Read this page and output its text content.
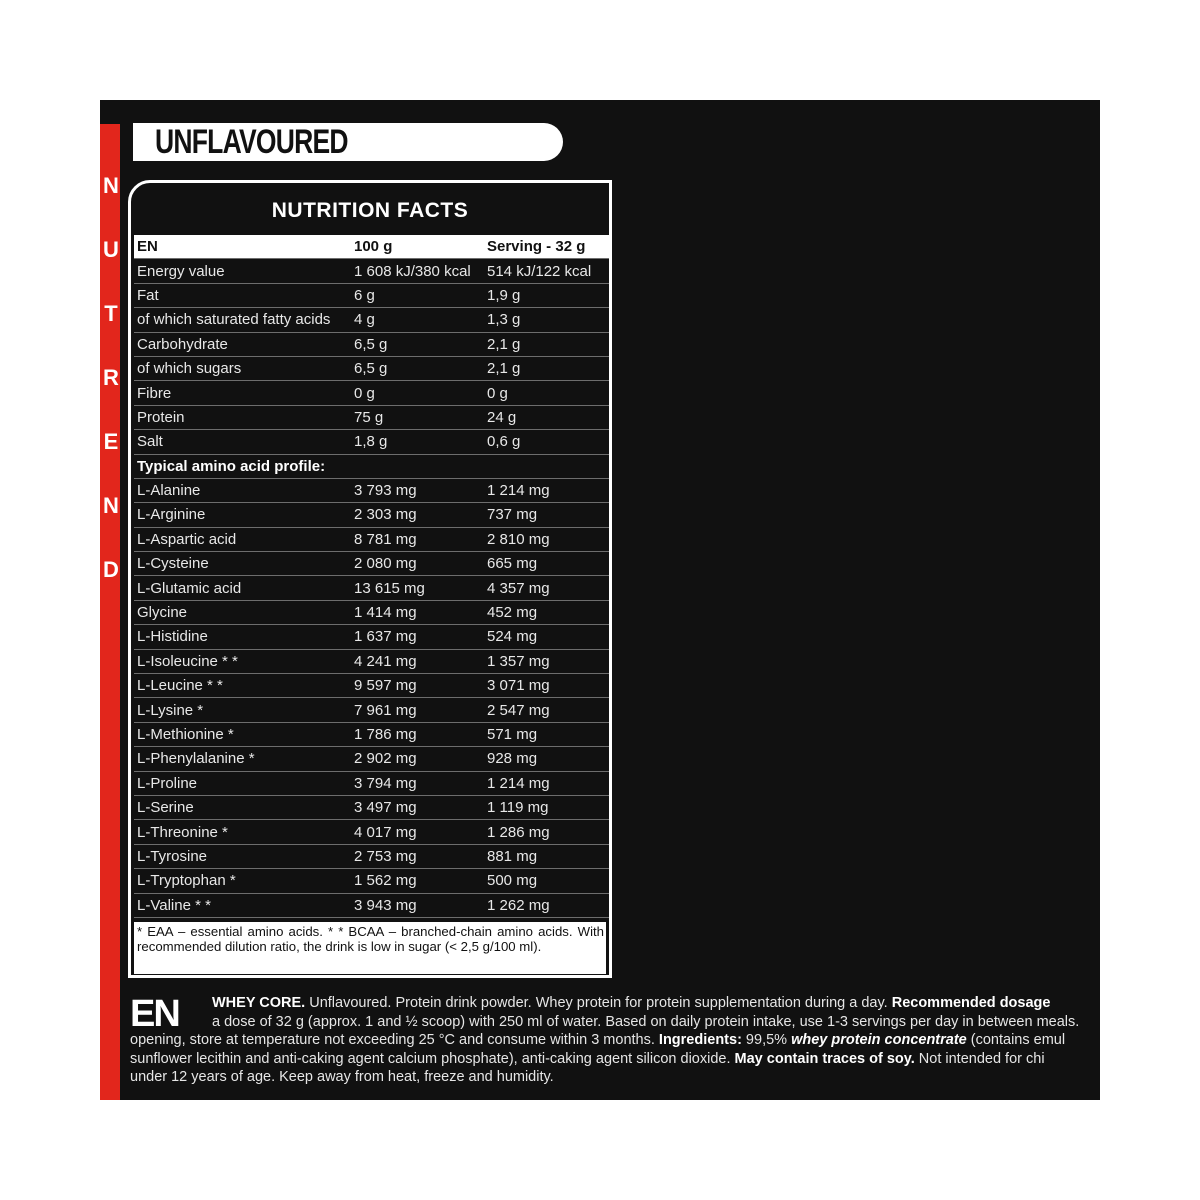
N
U
T
R
E
N
D
UNFLAVOURED
NUTRITION FACTS
EN	100 g	Serving - 32 g
Energy value	1 608 kJ/380 kcal	514 kJ/122 kcal
Fat	6 g	1,9 g
of which saturated fatty acids	4 g	1,3 g
Carbohydrate	6,5 g	2,1 g
of which sugars	6,5 g	2,1 g
Fibre	0 g	0 g
Protein	75 g	24 g
Salt	1,8 g	0,6 g
Typical amino acid profile:		
L-Alanine	3 793 mg	1 214 mg
L-Arginine	2 303 mg	737 mg
L-Aspartic acid	8 781 mg	2 810 mg
L-Cysteine	2 080 mg	665 mg
L-Glutamic acid	13 615 mg	4 357 mg
Glycine	1 414 mg	452 mg
L-Histidine	1 637 mg	524 mg
L-Isoleucine * *	4 241 mg	1 357 mg
L-Leucine * *	9 597 mg	3 071 mg
L-Lysine *	7 961 mg	2 547 mg
L-Methionine *	1 786 mg	571 mg
L-Phenylalanine *	2 902 mg	928 mg
L-Proline	3 794 mg	1 214 mg
L-Serine	3 497 mg	1 119 mg
L-Threonine *	4 017 mg	1 286 mg
L-Tyrosine	2 753 mg	881 mg
L-Tryptophan *	1 562 mg	500 mg
L-Valine * *	3 943 mg	1 262 mg
* EAA – essential amino acids. * * BCAA – branched-chain amino acids. With recommended dilution ratio, the drink is low in sugar (< 2,5 g/100 ml).
EN	WHEY CORE. Unflavoured. Protein drink powder. Whey protein for protein supplementation during a day. Recommended dosage
a dose of 32 g (approx. 1 and ½ scoop) with 250 ml of water. Based on daily protein intake, use 1-3 servings per day in between meals.
opening, store at temperature not exceeding 25 °C and consume within 3 months. Ingredients: 99,5% whey protein concentrate (contains emul
sunflower lecithin and anti-caking agent calcium phosphate), anti-caking agent silicon dioxide. May contain traces of soy. Not intended for chi
under 12 years of age. Keep away from heat, freeze and humidity.
